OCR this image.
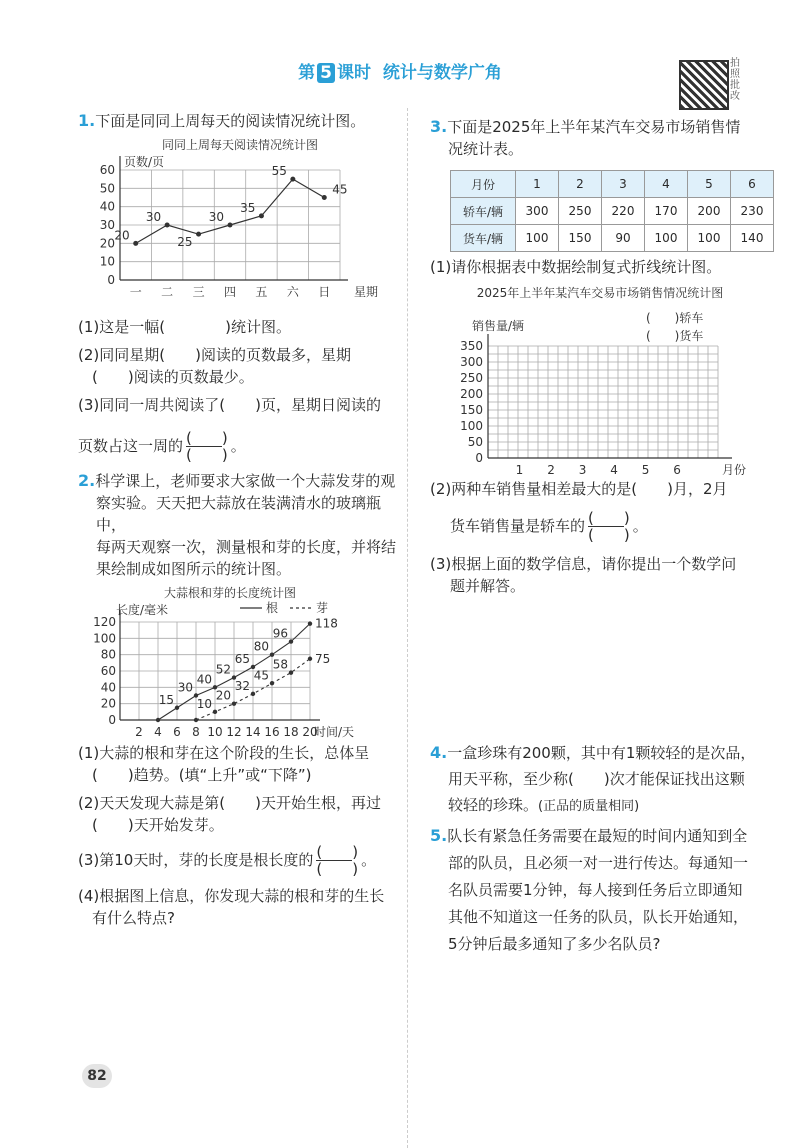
第 5 课时 统计与数学广角	拍照批改
1.下面是同同上周每天的阅读情况统计图。
同同上周每天阅读情况统计图
0
10
20
30
40
50
60
页数/页
星期
一 二 三 四 五 六 日
20
30
25
30
35
55
45
(1)这是一幅(　　　　)统计图。
(2)同同星期(　　)阅读的页数最多，星期
(　　)阅读的页数最少。
(3)同同一周共阅读了(　　)页，星期日阅读的
页数占这一周的 $\frac{( )}{( )}$ 。
2.科学课上，老师要求大家做一个大蒜发芽的观
察实验。天天把大蒜放在装满清水的玻璃瓶中，
每两天观察一次，测量根和芽的长度，并将结
果绘制成如图所示的统计图。
大蒜根和芽的长度统计图
0
20
40
60
80
100
120
长度/毫米
时间/天
2 4 6 8 10 12 14 16 18 20
根	芽
15
30
40
52
65
80
96
118
10
20
32
45
58 75
(1)大蒜的根和芽在这个阶段的生长，总体呈
(　　)趋势。(填“上升”或“下降”)
(2)天天发现大蒜是第(　　)天开始生根，再过
(　　)天开始发芽。
(3)第10天时，芽的长度是根长度的 $\frac{( )}{( )}$ 。
(4)根据图上信息，你发现大蒜的根和芽的生长
有什么特点?
3.下面是2025年上半年某汽车交易市场销售情
况统计表。
月份	1	2	3	4	5	6
轿车/辆	300	250	220	170	200	230
货车/辆	100	150	90	100	100	140
(1)请你根据表中数据绘制复式折线统计图。
2025年上半年某汽车交易市场销售情况统计图
0
50
100
150
200
250
300
350
销售量/辆
月份
1 2 3 4 5 6
(　　)轿车
(　　)货车
(2)两种车销售量相差最大的是(　　)月，2月
货车销售量是轿车的 $\frac{( )}{( )}$ 。
(3)根据上面的数学信息，请你提出一个数学问
题并解答。
4.一盒珍珠有200颗，其中有1颗较轻的是次品，
用天平称，至少称(　　)次才能保证找出这颗
较轻的珍珠。(正品的质量相同)
5.队长有紧急任务需要在最短的时间内通知到全
部的队员，且必须一对一进行传达。每通知一
名队员需要1分钟，每人接到任务后立即通知
其他不知道这一任务的队员，队长开始通知，
5分钟后最多通知了多少名队员?
82
